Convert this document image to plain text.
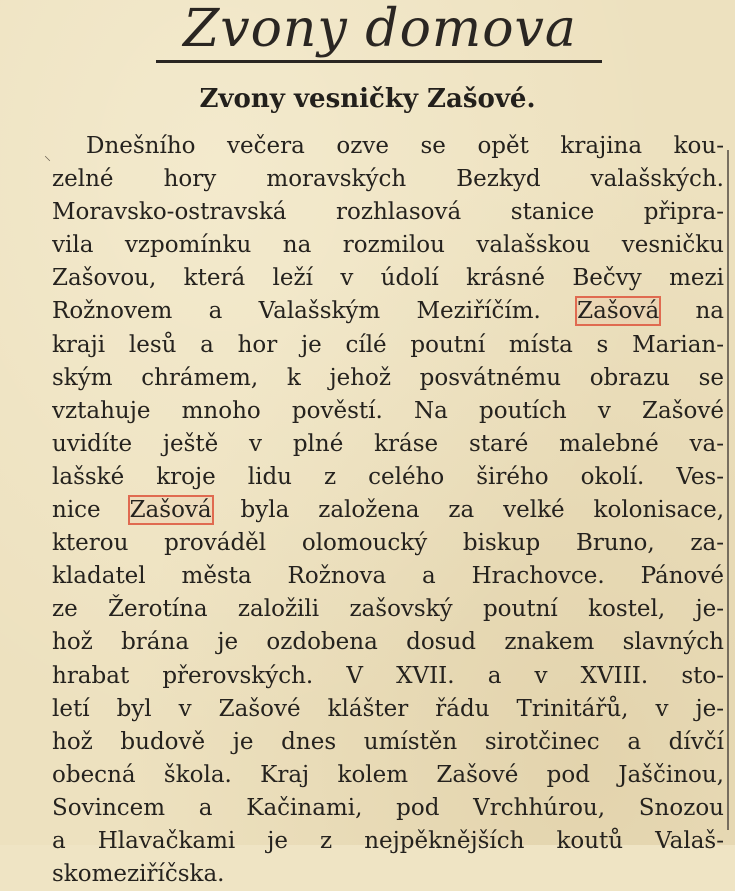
Zvony domova
Zvony vesničky Zašové.
⸜	Dnešního večera ozve se opět krajina kou-
zelné hory moravských Bezkyd valašských.
Moravsko-ostravská rozhlasová stanice připra-
vila vzpomínku na rozmilou valašskou vesničku
Zašovou, která leží v údolí krásné Bečvy mezi
Rožnovem a Valašským Meziříčím. Zašová na
kraji lesů a hor je cílé poutní místa s Marian-
ským chrámem, k jehož posvátnému obrazu se
vztahuje mnoho pověstí. Na poutích v Zašové
uvidíte ještě v plné kráse staré malebné va-
lašské kroje lidu z celého širého okolí. Ves-
nice Zašová byla založena za velké kolonisace,
kterou prováděl olomoucký biskup Bruno, za-
kladatel města Rožnova a Hrachovce. Pánové
ze Žerotína založili zašovský poutní kostel, je-
hož brána je ozdobena dosud znakem slavných
hrabat přerovských. V XVII. a v XVIII. sto-
letí byl v Zašové klášter řádu Trinitářů, v je-
hož budově je dnes umístěn sirotčinec a dívčí
obecná škola. Kraj kolem Zašové pod Jaščinou,
Sovincem a Kačinami, pod Vrchhúrou, Snozou
a Hlavačkami je z nejpěknějších koutů Valaš-
skomeziříčska.
